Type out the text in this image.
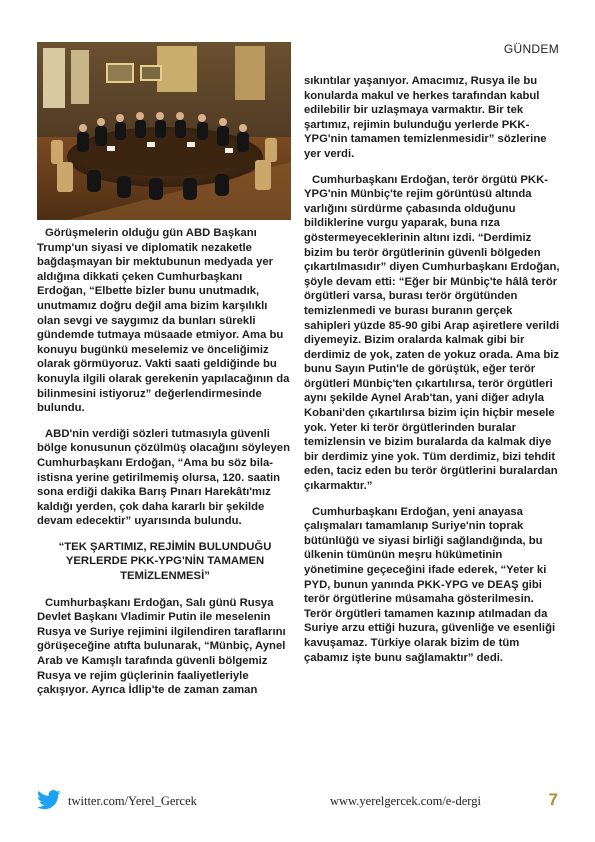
GÜNDEM

Görüşmelerin olduğu gün ABD Başkanı Trump'un siyasi ve diplomatik nezaketle bağdaşmayan bir mektubunun medyada yer aldığına dikkati çeken Cumhurbaşkanı Erdoğan, “Elbette bizler bunu unutmadık, unutmamız doğru değil ama bizim karşılıklı olan sevgi ve saygımız da bunları sürekli gündemde tutmaya müsaade etmiyor. Ama bu konuyu bugünkü meselemiz ve önceliğimiz olarak görmüyoruz. Vakti saati geldiğinde bu konuyla ilgili olarak gerekenin yapılacağının da bilinmesini istiyoruz” değerlendirmesinde bulundu.

ABD'nin verdiği sözleri tutmasıyla güvenli bölge konusunun çözülmüş olacağını söyleyen Cumhurbaşkanı Erdoğan, “Ama bu söz bila-istisna yerine getirilmemiş olursa, 120. saatin sona erdiği dakika Barış Pınarı Harekâtı'mız kaldığı yerden, çok daha kararlı bir şekilde devam edecektir” uyarısında bulundu.

“TEK ŞARTIMIZ, REJİMİN BULUNDUĞU YERLERDE PKK-YPG'NİN TAMAMEN TEMİZLENMESİ”

Cumhurbaşkanı Erdoğan, Salı günü Rusya Devlet Başkanı Vladimir Putin ile meselenin Rusya ve Suriye rejimini ilgilendiren taraflarını görüşeceğine atıfta bulunarak, “Münbiç, Aynel Arab ve Kamışlı tarafında güvenli bölgemiz Rusya ve rejim güçlerinin faaliyetleriyle çakışıyor. Ayrıca İdlip'te de zaman zaman

sıkıntılar yaşanıyor. Amacımız, Rusya ile bu konularda makul ve herkes tarafından kabul edilebilir bir uzlaşmaya varmaktır. Bir tek şartımız, rejimin bulunduğu yerlerde PKK-YPG'nin tamamen temizlenmesidir” sözlerine yer verdi.

Cumhurbaşkanı Erdoğan, terör örgütü PKK-YPG'nin Münbiç'te rejim görüntüsü altında varlığını sürdürme çabasında olduğunu bildiklerine vurgu yaparak, buna rıza göstermeyeceklerinin altını izdi. “Derdimiz bizim bu terör örgütlerinin güvenli bölgeden çıkartılmasıdır” diyen Cumhurbaşkanı Erdoğan, şöyle devam etti: “Eğer bir Münbiç'te hâlâ terör örgütleri varsa, burası terör örgütünden temizlenmedi ve burası buranın gerçek sahipleri yüzde 85-90 gibi Arap aşiretlere verildi diyemeyiz. Bizim oralarda kalmak gibi bir derdimiz de yok, zaten de yokuz orada. Ama biz bunu Sayın Putin'le de görüştük, eğer terör örgütleri Münbiç'ten çıkartılırsa, terör örgütleri aynı şekilde Aynel Arab'tan, yani diğer adıyla Kobani'den çıkartılırsa bizim için hiçbir mesele yok. Yeter ki terör örgütlerinden buralar temizlensin ve bizim buralarda da kalmak diye bir derdimiz yine yok. Tüm derdimiz, bizi tehdit eden, taciz eden bu terör örgütlerini buralardan çıkarmaktır.”

Cumhurbaşkanı Erdoğan, yeni anayasa çalışmaları tamamlanıp Suriye'nin toprak bütünlüğü ve siyasi birliği sağlandığında, bu ülkenin tümünün meşru hükümetinin yönetimine geçeceğini ifade ederek, “Yeter ki PYD, bunun yanında PKK-YPG ve DEAŞ gibi terör örgütlerine müsamaha gösterilmesin. Terör örgütleri tamamen kazınıp atılmadan da Suriye arzu ettiği huzura, güvenliğe ve esenliği kavuşamaz. Türkiye olarak bizim de tüm çabamız işte bunu sağlamaktır” dedi.

twitter.com/Yerel_Gercek	www.yerelgercek.com/e-dergi	7
